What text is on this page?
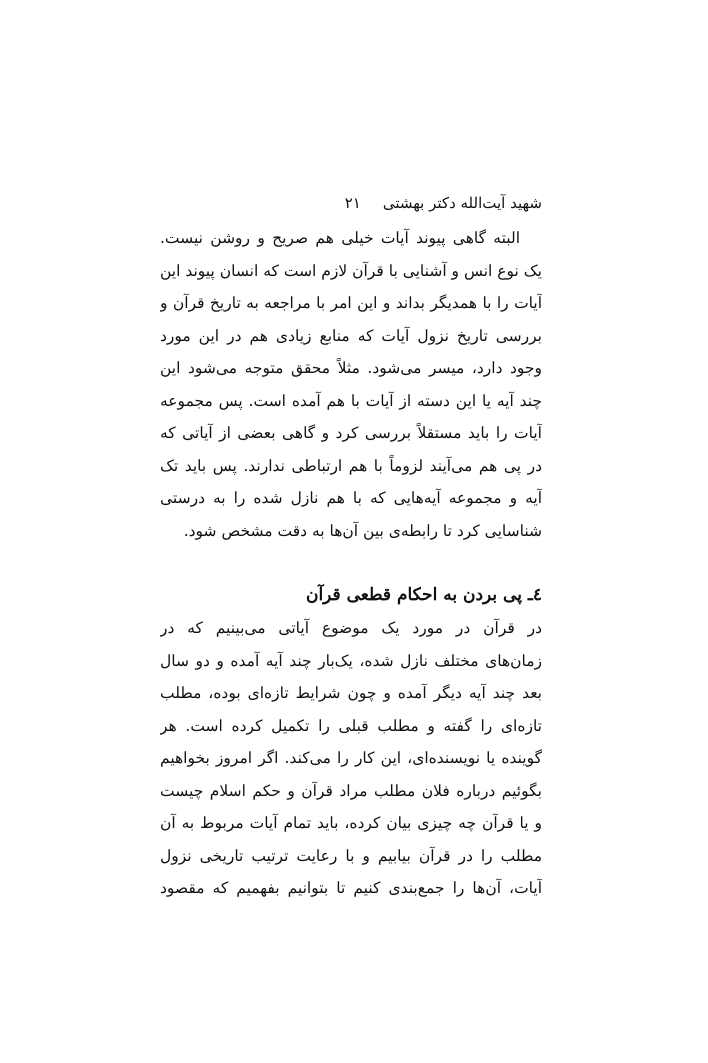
شهید آیت‌الله دکتر بهشتی
۲۱
البته گاهی پیوند آیات خیلی هم صریح و روشن نیست.
یک نوع انس و آشنایی با قرآن لازم است که انسان پیوند این
آیات را با همدیگر بداند و این امر با مراجعه به تاریخ قرآن و
بررسی تاریخ نزول آیات که منابع زیادی هم در این مورد
وجود دارد، میسر می‌شود. مثلاً محقق متوجه می‌شود این
چند آیه یا این دسته از آیات با هم آمده است. پس مجموعه
آیات را باید مستقلاً بررسی کرد و گاهی بعضی از آیاتی که
در پی هم می‌آیند لزوماً با هم ارتباطی ندارند. پس باید تک
آیه و مجموعه آیه‌هایی که با هم نازل شده را به درستی
شناسایی کرد تا رابطه‌ی بین آن‌ها به دقت مشخص شود.
٤ـ پی بردن به احکام قطعی قرآن
در قرآن در مورد یک موضوع آیاتی می‌بینیم که در
زمان‌های مختلف نازل شده، یک‌بار چند آیه آمده و دو سال
بعد چند آیه دیگر آمده و چون شرایط تازه‌ای بوده، مطلب
تازه‌ای را گفته و مطلب قبلی را تکمیل کرده است. هر
گوینده یا نویسنده‌ای، این کار را می‌کند. اگر امروز بخواهیم
بگوئیم درباره فلان مطلب مراد قرآن و حکم اسلام چیست
و یا قرآن چه چیزی بیان کرده، باید تمام آیات مربوط به آن
مطلب را در قرآن بیابیم و با رعایت ترتیب تاریخی نزول
آیات، آن‌ها را جمع‌بندی کنیم تا بتوانیم بفهمیم که مقصود
